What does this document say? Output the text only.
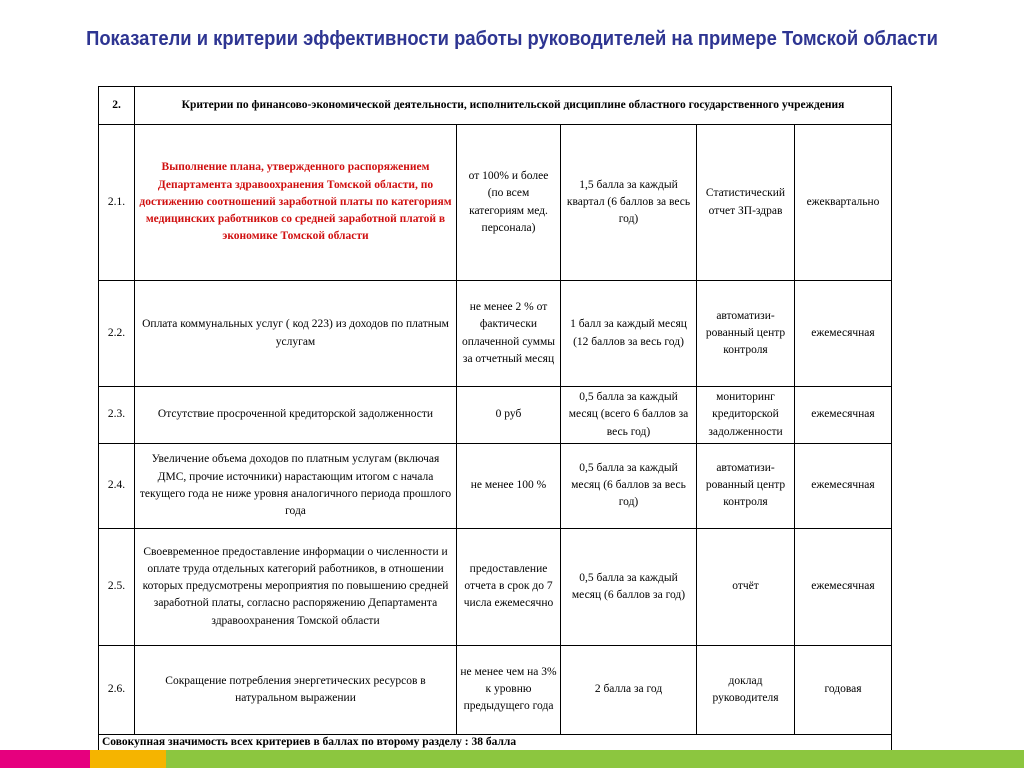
Показатели и критерии эффективности работы руководителей на примере Томской области
2.	Критерии по финансово-экономической деятельности, исполнительской дисциплине областного государственного учреждения				
2.1.	Выполнение плана, утвержденного распоряжением Департамента здравоохранения Томской области, по достижению соотношений заработной платы по категориям медицинских работников со средней заработной платой в экономике Томской области	от 100% и более (по всем категориям мед. персонала)	1,5 балла за каждый квартал (6 баллов за весь год)	Статистический отчет ЗП-здрав	ежеквартально
2.2.	Оплата коммунальных услуг ( код 223) из доходов по платным услугам	не менее 2 % от фактически оплаченной суммы за отчетный месяц	1 балл за каждый месяц (12 баллов за весь год)	автоматизи-рованный центр контроля	ежемесячная
2.3.	Отсутствие просроченной кредиторской задолженности	0 руб	0,5 балла за каждый месяц (всего 6 баллов за весь год)	мониторинг кредиторской задолженности	ежемесячная
2.4.	Увеличение объема доходов по платным услугам (включая ДМС, прочие источники) нарастающим итогом с начала текущего года не ниже уровня аналогичного периода прошлого года	не менее 100 %	0,5 балла за каждый месяц (6 баллов за весь год)	автоматизи-рованный центр контроля	ежемесячная
2.5.	Своевременное предоставление информации о численности и оплате труда отдельных категорий работников, в отношении которых предусмотрены мероприятия по повышению средней заработной платы, согласно распоряжению Департамента здравоохранения Томской области	предоставление отчета в срок до 7 числа ежемесячно	0,5 балла за каждый месяц (6 баллов за год)	отчёт	ежемесячная
2.6.	Сокращение потребления энергетических ресурсов в натуральном выражении	не менее чем на 3% к уровню предыдущего года	2 балла за год	доклад руководителя	годовая
Совокупная значимость всех критериев в баллах по второму разделу : 38 балла					
